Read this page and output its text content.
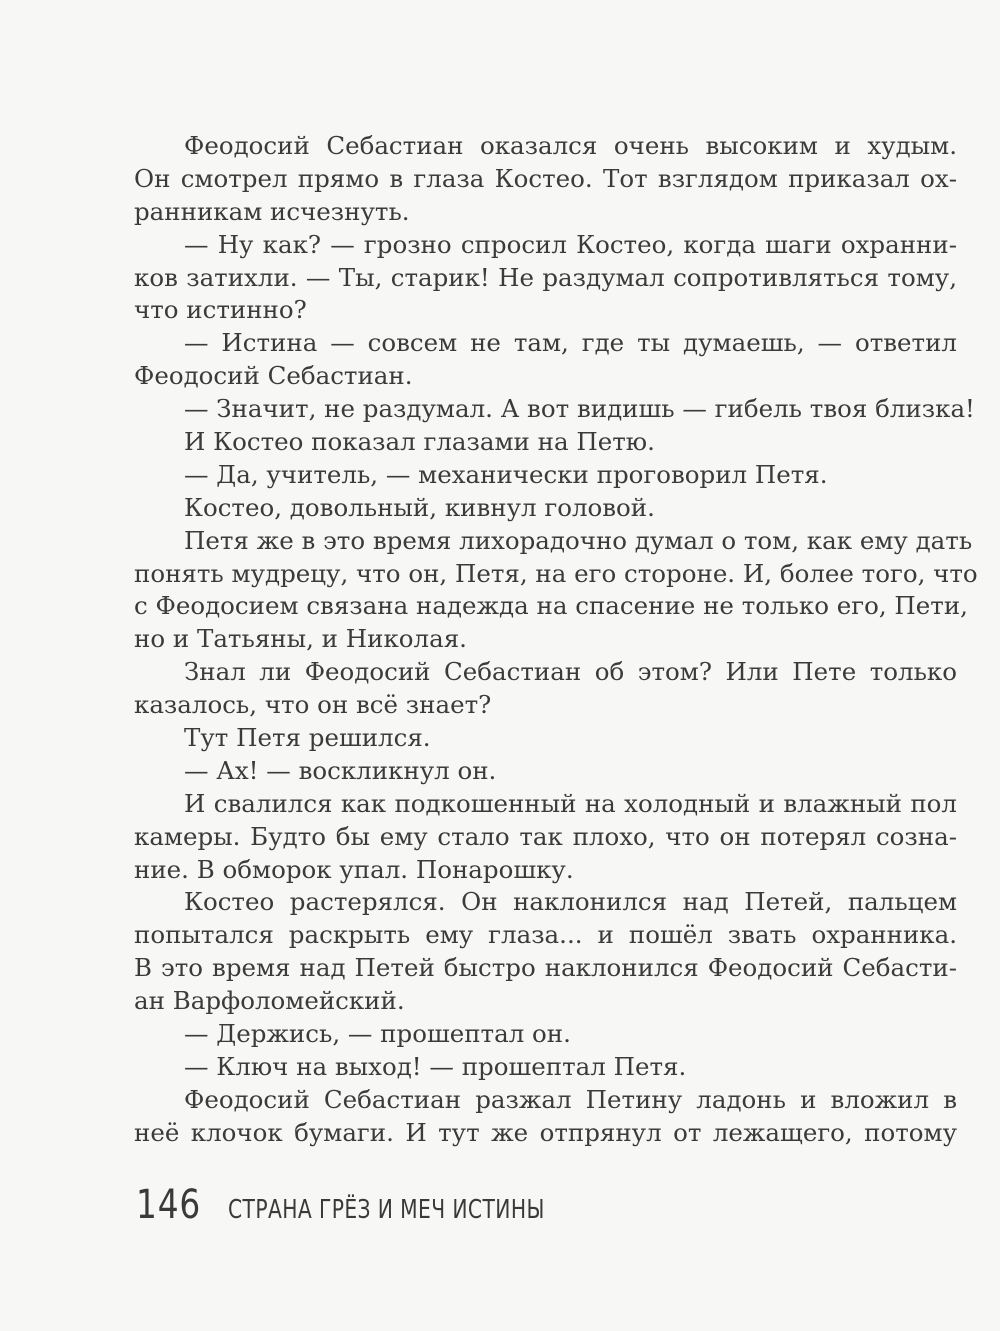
Феодосий Себастиан оказался очень высоким и худым.
Он смотрел прямо в глаза Костео. Тот взглядом приказал ох-
ранникам исчезнуть.
— Ну как? — грозно спросил Костео, когда шаги охранни-
ков затихли. — Ты, старик! Не раздумал сопротивляться тому,
что истинно?
— Истина — совсем не там, где ты думаешь, — ответил
Феодосий Себастиан.
— Значит, не раздумал. А вот видишь — гибель твоя близка!
И Костео показал глазами на Петю.
— Да, учитель, — механически проговорил Петя.
Костео, довольный, кивнул головой.
Петя же в это время лихорадочно думал о том, как ему дать
понять мудрецу, что он, Петя, на его стороне. И, более того, что
с Феодосием связана надежда на спасение не только его, Пети,
но и Татьяны, и Николая.
Знал ли Феодосий Себастиан об этом? Или Пете только
казалось, что он всё знает?
Тут Петя решился.
— Ах! — воскликнул он.
И свалился как подкошенный на холодный и влажный пол
камеры. Будто бы ему стало так плохо, что он потерял созна-
ние. В обморок упал. Понарошку.
Костео растерялся. Он наклонился над Петей, пальцем
попытался раскрыть ему глаза... и пошёл звать охранника.
В это время над Петей быстро наклонился Феодосий Себасти-
ан Варфоломейский.
— Держись, — прошептал он.
— Ключ на выход! — прошептал Петя.
Феодосий Себастиан разжал Петину ладонь и вложил в
неё клочок бумаги. И тут же отпрянул от лежащего, потому
146 СТРАНА ГРЁЗ И МЕЧ ИСТИНЫ
